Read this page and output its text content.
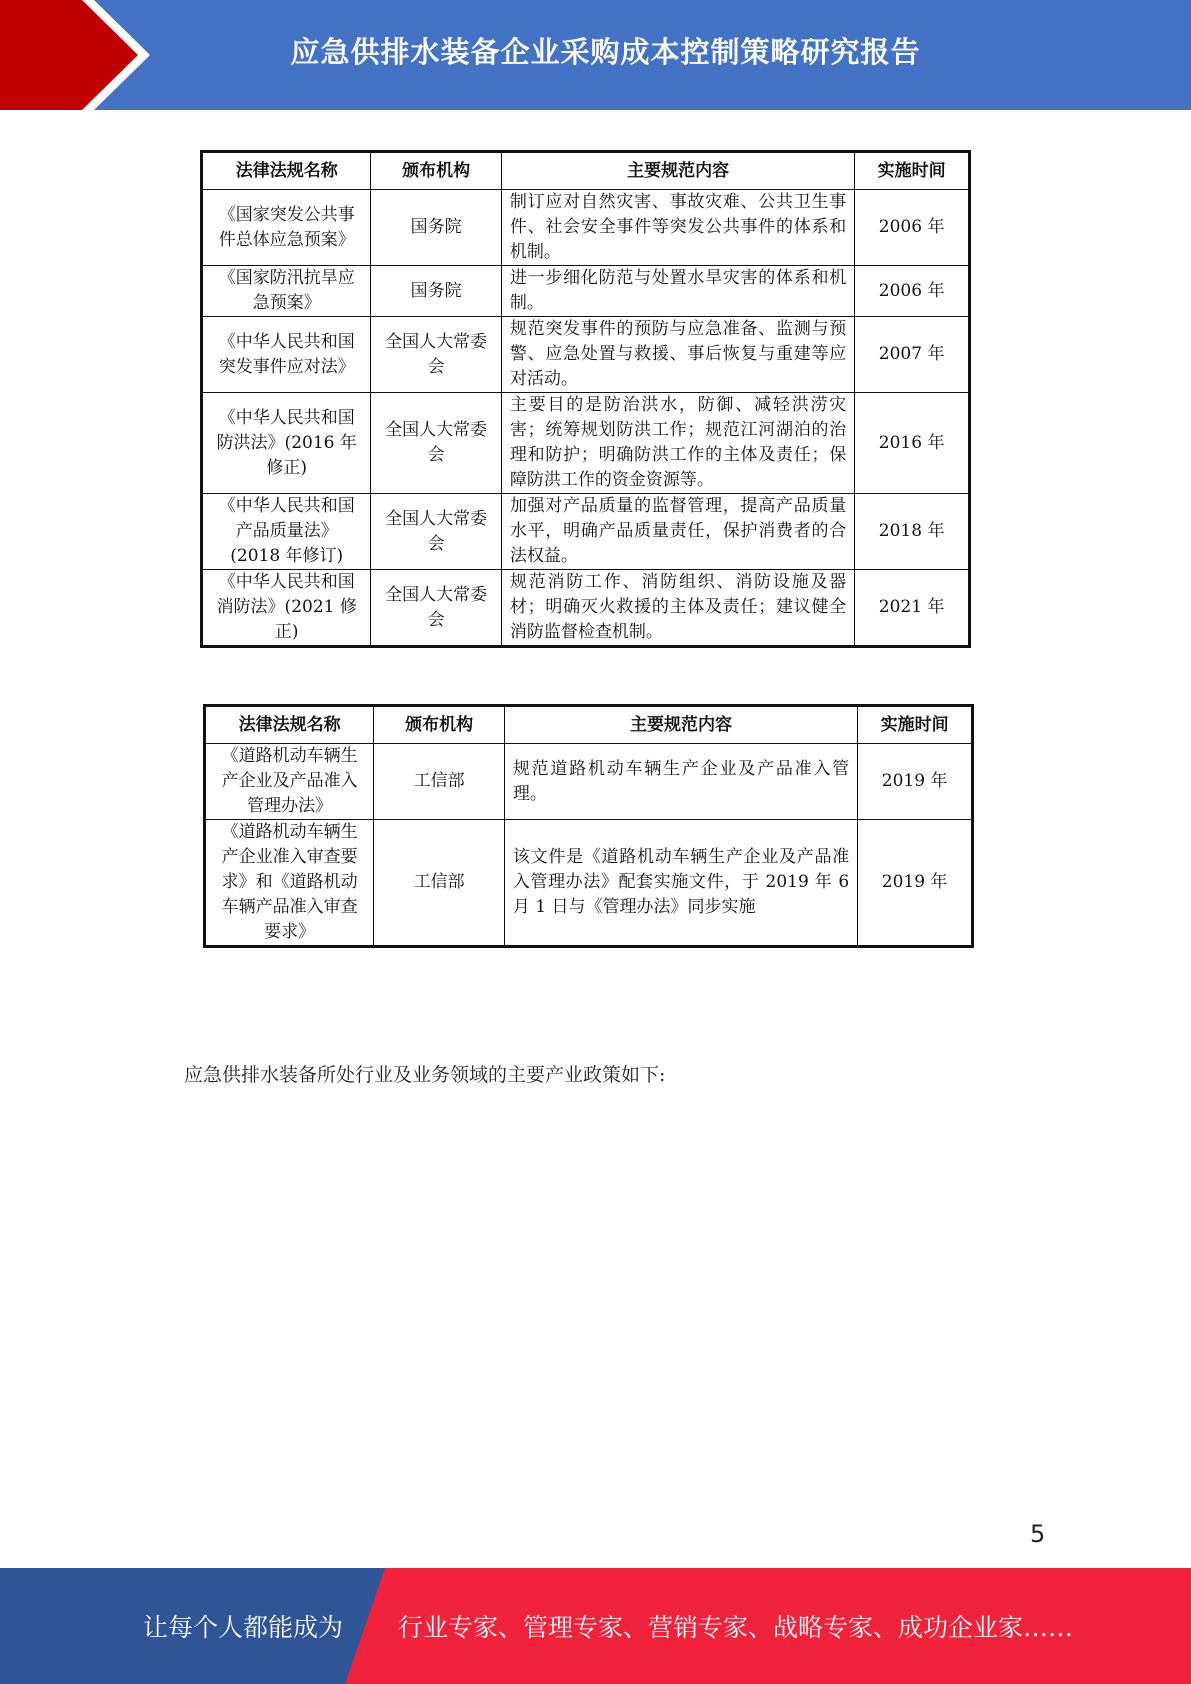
应急供排水装备企业采购成本控制策略研究报告
法律法规名称	颁布机构	主要规范内容	实施时间
《国家突发公共事件总体应急预案》	国务院	制订应对自然灾害、事故灾难、公共卫生事件、社会安全事件等突发公共事件的体系和机制。	2006 年
《国家防汛抗旱应急预案》	国务院	进一步细化防范与处置水旱灾害的体系和机制。	2006 年
《中华人民共和国突发事件应对法》	全国人大常委会	规范突发事件的预防与应急准备、监测与预警、应急处置与救援、事后恢复与重建等应对活动。	2007 年
《中华人民共和国防洪法》(2016 年修正)	全国人大常委会	主要目的是防治洪水，防御、减轻洪涝灾害；统筹规划防洪工作；规范江河湖泊的治理和防护；明确防洪工作的主体及责任；保障防洪工作的资金资源等。	2016 年
《中华人民共和国产品质量法》(2018 年修订)	全国人大常委会	加强对产品质量的监督管理，提高产品质量水平，明确产品质量责任，保护消费者的合法权益。	2018 年
《中华人民共和国消防法》(2021 修正)	全国人大常委会	规范消防工作、消防组织、消防设施及器材；明确灭火救援的主体及责任；建议健全消防监督检查机制。	2021 年
法律法规名称	颁布机构	主要规范内容	实施时间
《道路机动车辆生产企业及产品准入管理办法》	工信部	规范道路机动车辆生产企业及产品准入管理。	2019 年
《道路机动车辆生产企业准入审查要求》和《道路机动车辆产品准入审查要求》	工信部	该文件是《道路机动车辆生产企业及产品准入管理办法》配套实施文件，于 2019 年 6 月 1 日与《管理办法》同步实施	2019 年
应急供排水装备所处行业及业务领域的主要产业政策如下:
5
让每个人都能成为 行业专家、管理专家、营销专家、战略专家、成功企业家……
